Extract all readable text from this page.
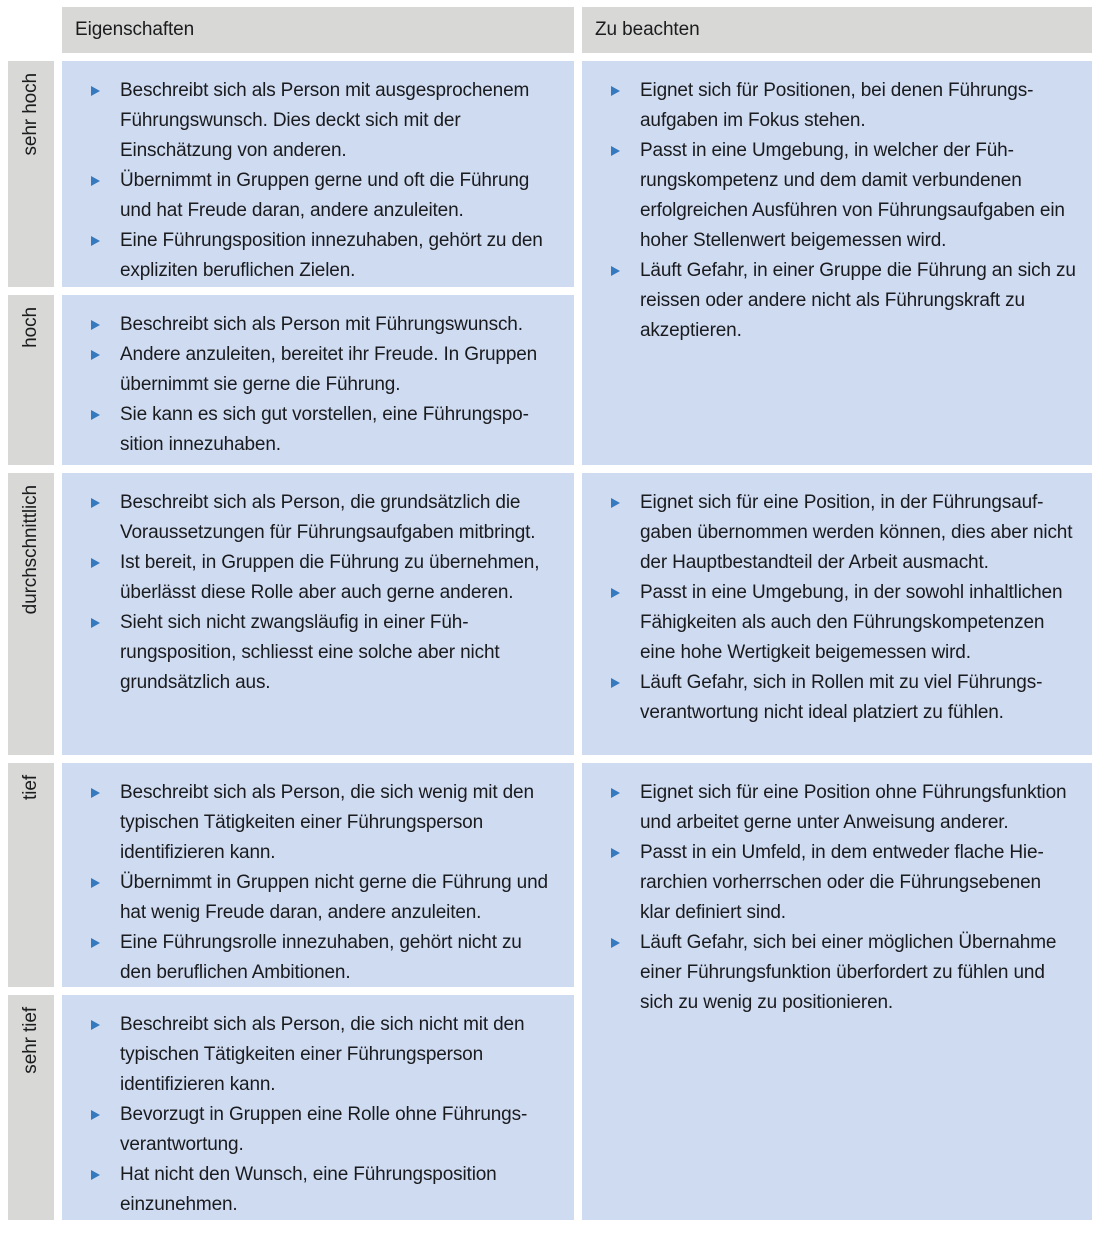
Eigenschaften	Zu beachten
sehr hoch
hoch
durchschnittlich
tief
sehr tief
Beschreibt sich als Person mit ausgesprochenem Führungswunsch. Dies deckt sich mit der Einschätzung von anderen.
Übernimmt in Gruppen gerne und oft die Führung und hat Freude daran, andere anzuleiten.
Eine Führungsposition innezuhaben, gehört zu den expliziten beruflichen Zielen.
Beschreibt sich als Person mit Führungswunsch.
Andere anzuleiten, bereitet ihr Freude. In Gruppen übernimmt sie gerne die Führung.
Sie kann es sich gut vorstellen, eine Führungsposition innezuhaben.
Beschreibt sich als Person, die grundsätzlich die Voraussetzungen für Führungsaufgaben mitbringt.
Ist bereit, in Gruppen die Führung zu übernehmen, überlässt diese Rolle aber auch gerne anderen.
Sieht sich nicht zwangsläufig in einer Führungsposition, schliesst eine solche aber nicht grundsätzlich aus.
Beschreibt sich als Person, die sich wenig mit den typischen Tätigkeiten einer Führungsperson identifizieren kann.
Übernimmt in Gruppen nicht gerne die Führung und hat wenig Freude daran, andere anzuleiten.
Eine Führungsrolle innezuhaben, gehört nicht zu den beruflichen Ambitionen.
Beschreibt sich als Person, die sich nicht mit den typischen Tätigkeiten einer Führungsperson identifizieren kann.
Bevorzugt in Gruppen eine Rolle ohne Führungsverantwortung.
Hat nicht den Wunsch, eine Führungsposition einzunehmen.
Eignet sich für Positionen, bei denen Führungsaufgaben im Fokus stehen.
Passt in eine Umgebung, in welcher der Führungskompetenz und dem damit verbundenen erfolgreichen Ausführen von Führungsaufgaben ein hoher Stellenwert beigemessen wird.
Läuft Gefahr, in einer Gruppe die Führung an sich zu reissen oder andere nicht als Führungskraft zu akzeptieren.
Eignet sich für eine Position, in der Führungsaufgaben übernommen werden können, dies aber nicht der Hauptbestandteil der Arbeit ausmacht.
Passt in eine Umgebung, in der sowohl inhaltlichen Fähigkeiten als auch den Führungskompetenzen eine hohe Wertigkeit beigemessen wird.
Läuft Gefahr, sich in Rollen mit zu viel Führungsverantwortung nicht ideal platziert zu fühlen.
Eignet sich für eine Position ohne Führungsfunktion und arbeitet gerne unter Anweisung anderer.
Passt in ein Umfeld, in dem entweder flache Hierarchien vorherrschen oder die Führungsebenen klar definiert sind.
Läuft Gefahr, sich bei einer möglichen Übernahme einer Führungsfunktion überfordert zu fühlen und sich zu wenig zu positionieren.
